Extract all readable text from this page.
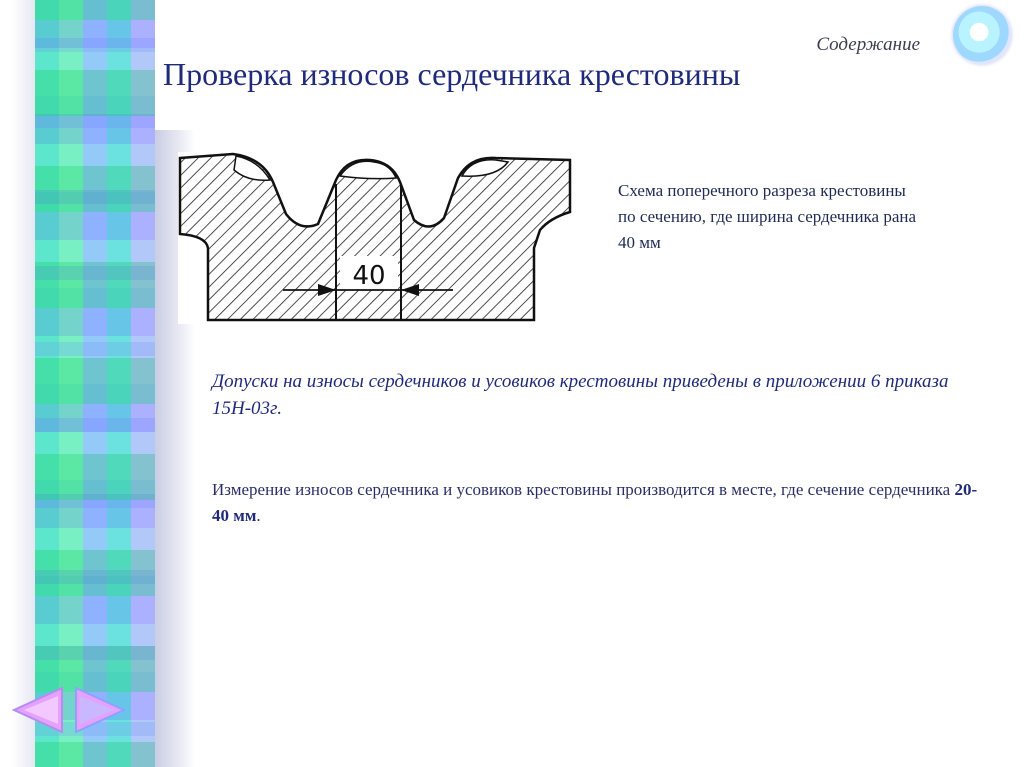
Содержание
Проверка износов сердечника крестовины
40
Схема поперечного разреза крестовины по сечению, где ширина сердечника рана 40 мм
Допуски на износы сердечников и усовиков крестовины приведены в приложении 6 приказа 15Н-03г.
Измерение износов сердечника и усовиков крестовины производится в месте, где сечение сердечника 20-40 мм.
